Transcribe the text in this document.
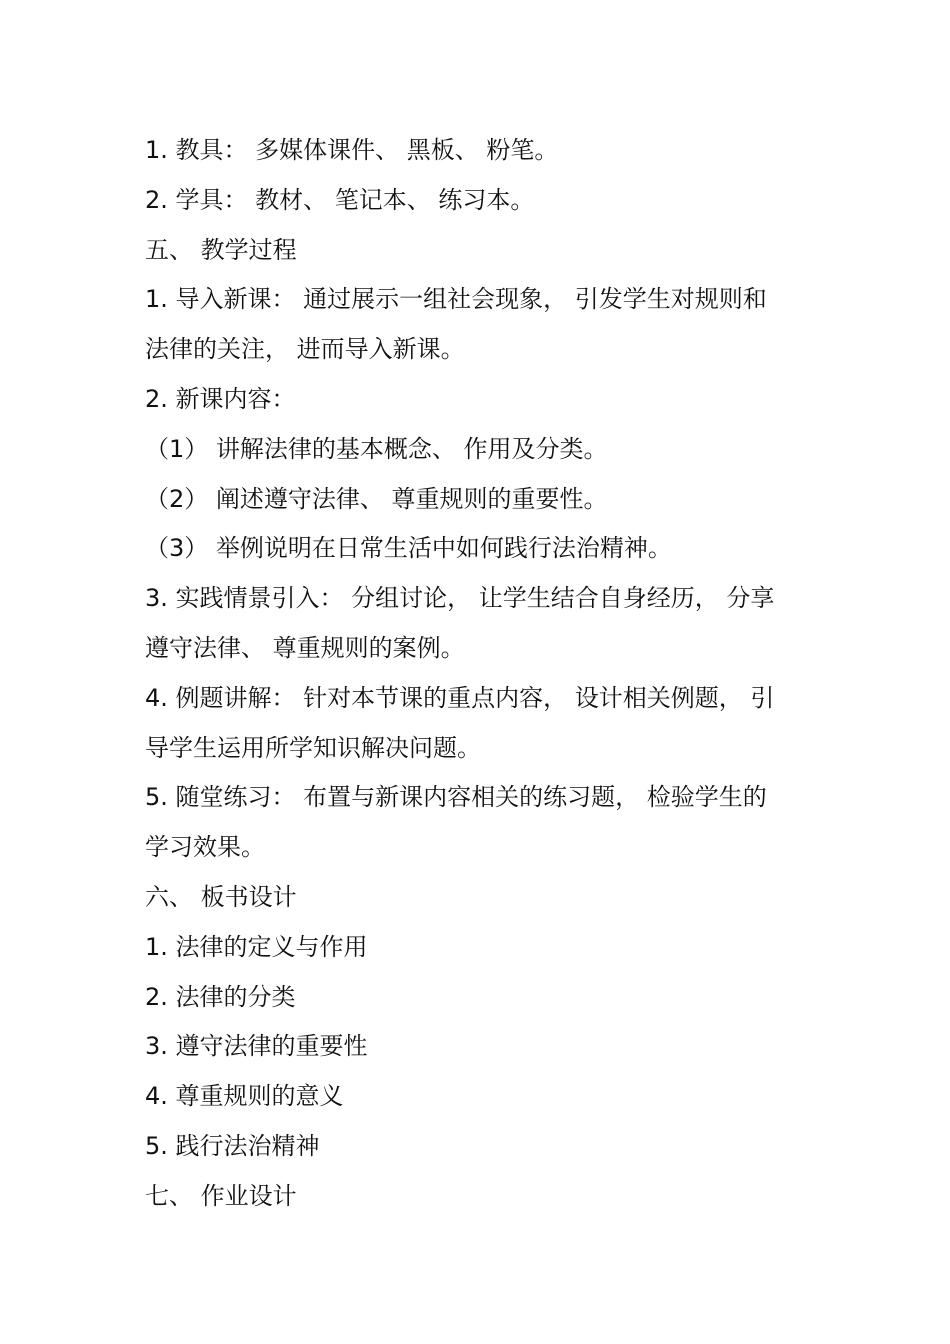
1. 教具： 多媒体课件、 黑板、 粉笔。

2. 学具： 教材、 笔记本、 练习本。

五、 教学过程

1. 导入新课： 通过展示一组社会现象， 引发学生对规则和

法律的关注， 进而导入新课。

2. 新课内容：

（1） 讲解法律的基本概念、 作用及分类。

（2） 阐述遵守法律、 尊重规则的重要性。

（3） 举例说明在日常生活中如何践行法治精神。

3. 实践情景引入： 分组讨论， 让学生结合自身经历， 分享

遵守法律、 尊重规则的案例。

4. 例题讲解： 针对本节课的重点内容， 设计相关例题， 引

导学生运用所学知识解决问题。

5. 随堂练习： 布置与新课内容相关的练习题， 检验学生的

学习效果。

六、 板书设计

1. 法律的定义与作用

2. 法律的分类

3. 遵守法律的重要性

4. 尊重规则的意义

5. 践行法治精神

七、 作业设计
